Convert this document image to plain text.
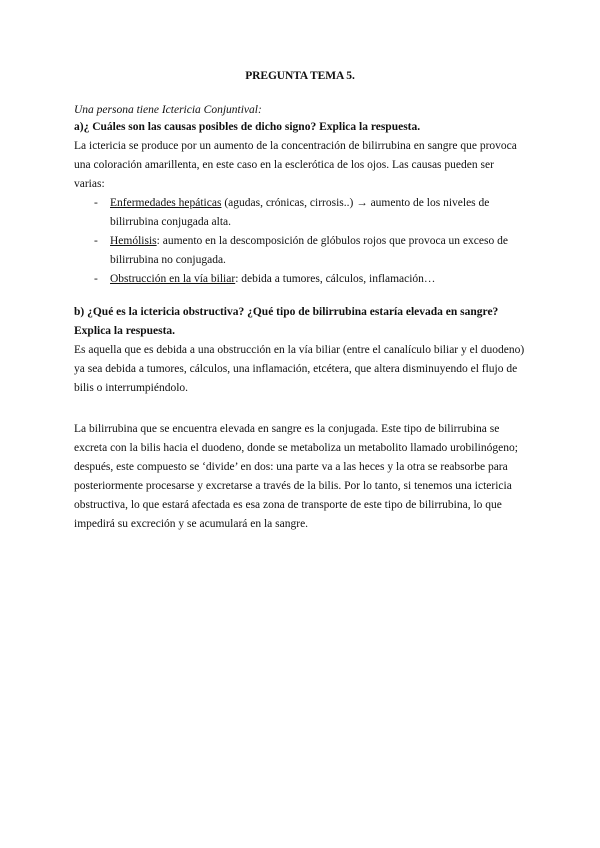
PREGUNTA TEMA 5.
Una persona tiene Ictericia Conjuntival:
a)¿ Cuáles son las causas posibles de dicho signo? Explica la respuesta.

La ictericia se produce por un aumento de la concentración de bilirrubina en sangre que provoca una coloración amarillenta, en este caso en la esclerótica de los ojos. Las causas pueden ser varias:

- Enfermedades hepáticas (agudas, crónicas, cirrosis..) → aumento de los niveles de bilirrubina conjugada alta.
- Hemólisis: aumento en la descomposición de glóbulos rojos que provoca un exceso de bilirrubina no conjugada.
- Obstrucción en la vía biliar: debida a tumores, cálculos, inflamación…
b) ¿Qué es la ictericia obstructiva? ¿Qué tipo de bilirrubina estaría elevada en sangre? Explica la respuesta.

Es aquella que es debida a una obstrucción en la vía biliar (entre el canalículo biliar y el duodeno) ya sea debida a tumores, cálculos, una inflamación, etcétera, que altera disminuyendo el flujo de bilis o interrumpiéndolo.

La bilirrubina que se encuentra elevada en sangre es la conjugada. Este tipo de bilirrubina se excreta con la bilis hacia el duodeno, donde se metaboliza un metabolito llamado urobilinógeno; después, este compuesto se ‘divide’ en dos: una parte va a las heces y la otra se reabsorbe para posteriormente procesarse y excretarse a través de la bilis. Por lo tanto, si tenemos una ictericia obstructiva, lo que estará afectada es esa zona de transporte de este tipo de bilirrubina, lo que impedirá su excreción y se acumulará en la sangre.
